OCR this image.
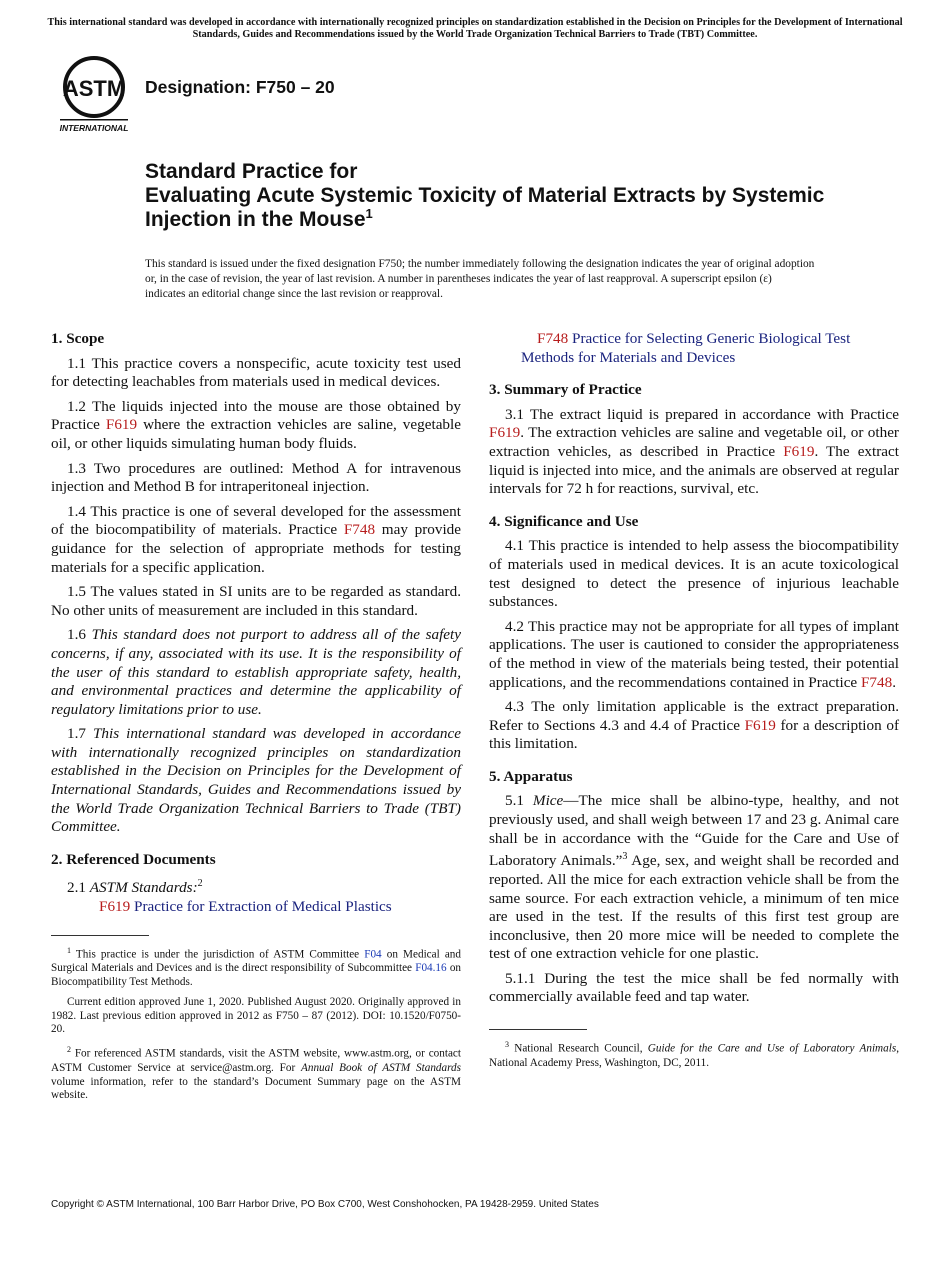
This international standard was developed in accordance with internationally recognized principles on standardization established in the Decision on Principles for the Development of International Standards, Guides and Recommendations issued by the World Trade Organization Technical Barriers to Trade (TBT) Committee.
ASTM
INTERNATIONAL
Designation: F750 – 20
Standard Practice for
Evaluating Acute Systemic Toxicity of Material Extracts by Systemic Injection in the Mouse$^1$
This standard is issued under the fixed designation F750; the number immediately following the designation indicates the year of original adoption or, in the case of revision, the year of last revision. A number in parentheses indicates the year of last reapproval. A superscript epsilon (ε) indicates an editorial change since the last revision or reapproval.
1. Scope

1.1 This practice covers a nonspecific, acute toxicity test used for detecting leachables from materials used in medical devices.

1.2 The liquids injected into the mouse are those obtained by Practice F619 where the extraction vehicles are saline, vegetable oil, or other liquids simulating human body fluids.

1.3 Two procedures are outlined: Method A for intravenous injection and Method B for intraperitoneal injection.

1.4 This practice is one of several developed for the assessment of the biocompatibility of materials. Practice F748 may provide guidance for the selection of appropriate methods for testing materials for a specific application.

1.5 The values stated in SI units are to be regarded as standard. No other units of measurement are included in this standard.

1.6 This standard does not purport to address all of the safety concerns, if any, associated with its use. It is the responsibility of the user of this standard to establish appropriate safety, health, and environmental practices and determine the applicability of regulatory limitations prior to use.

1.7 This international standard was developed in accordance with internationally recognized principles on standardization established in the Decision on Principles for the Development of International Standards, Guides and Recommendations issued by the World Trade Organization Technical Barriers to Trade (TBT) Committee.

2. Referenced Documents

2.1 ASTM Standards:$^2$

F619 Practice for Extraction of Medical Plastics

$^1$ This practice is under the jurisdiction of ASTM Committee F04 on Medical and Surgical Materials and Devices and is the direct responsibility of Subcommittee F04.16 on Biocompatibility Test Methods.

Current edition approved June 1, 2020. Published August 2020. Originally approved in 1982. Last previous edition approved in 2012 as F750 – 87 (2012). DOI: 10.1520/F0750-20.

$^2$ For referenced ASTM standards, visit the ASTM website, www.astm.org, or contact ASTM Customer Service at service@astm.org. For Annual Book of ASTM Standards volume information, refer to the standard’s Document Summary page on the ASTM website.

F748 Practice for Selecting Generic Biological Test Methods for Materials and Devices

3. Summary of Practice

3.1 The extract liquid is prepared in accordance with Practice F619. The extraction vehicles are saline and vegetable oil, or other extraction vehicles, as described in Practice F619. The extract liquid is injected into mice, and the animals are observed at regular intervals for 72 h for reactions, survival, etc.

4. Significance and Use

4.1 This practice is intended to help assess the biocompatibility of materials used in medical devices. It is an acute toxicological test designed to detect the presence of injurious leachable substances.

4.2 This practice may not be appropriate for all types of implant applications. The user is cautioned to consider the appropriateness of the method in view of the materials being tested, their potential applications, and the recommendations contained in Practice F748.

4.3 The only limitation applicable is the extract preparation. Refer to Sections 4.3 and 4.4 of Practice F619 for a description of this limitation.

5. Apparatus

5.1 Mice—The mice shall be albino-type, healthy, and not previously used, and shall weigh between 17 and 23 g. Animal care shall be in accordance with the “Guide for the Care and Use of Laboratory Animals.”$^3$ Age, sex, and weight shall be recorded and reported. All the mice for each extraction vehicle shall be from the same source. For each extraction vehicle, a minimum of ten mice are used in the test. If the results of this first test group are inconclusive, then 20 more mice will be needed to complete the test of one extraction vehicle for one plastic.

5.1.1 During the test the mice shall be fed normally with commercially available feed and tap water.

$^3$ National Research Council, Guide for the Care and Use of Laboratory Animals, National Academy Press, Washington, DC, 2011.

Copyright © ASTM International, 100 Barr Harbor Drive, PO Box C700, West Conshohocken, PA 19428-2959. United States
